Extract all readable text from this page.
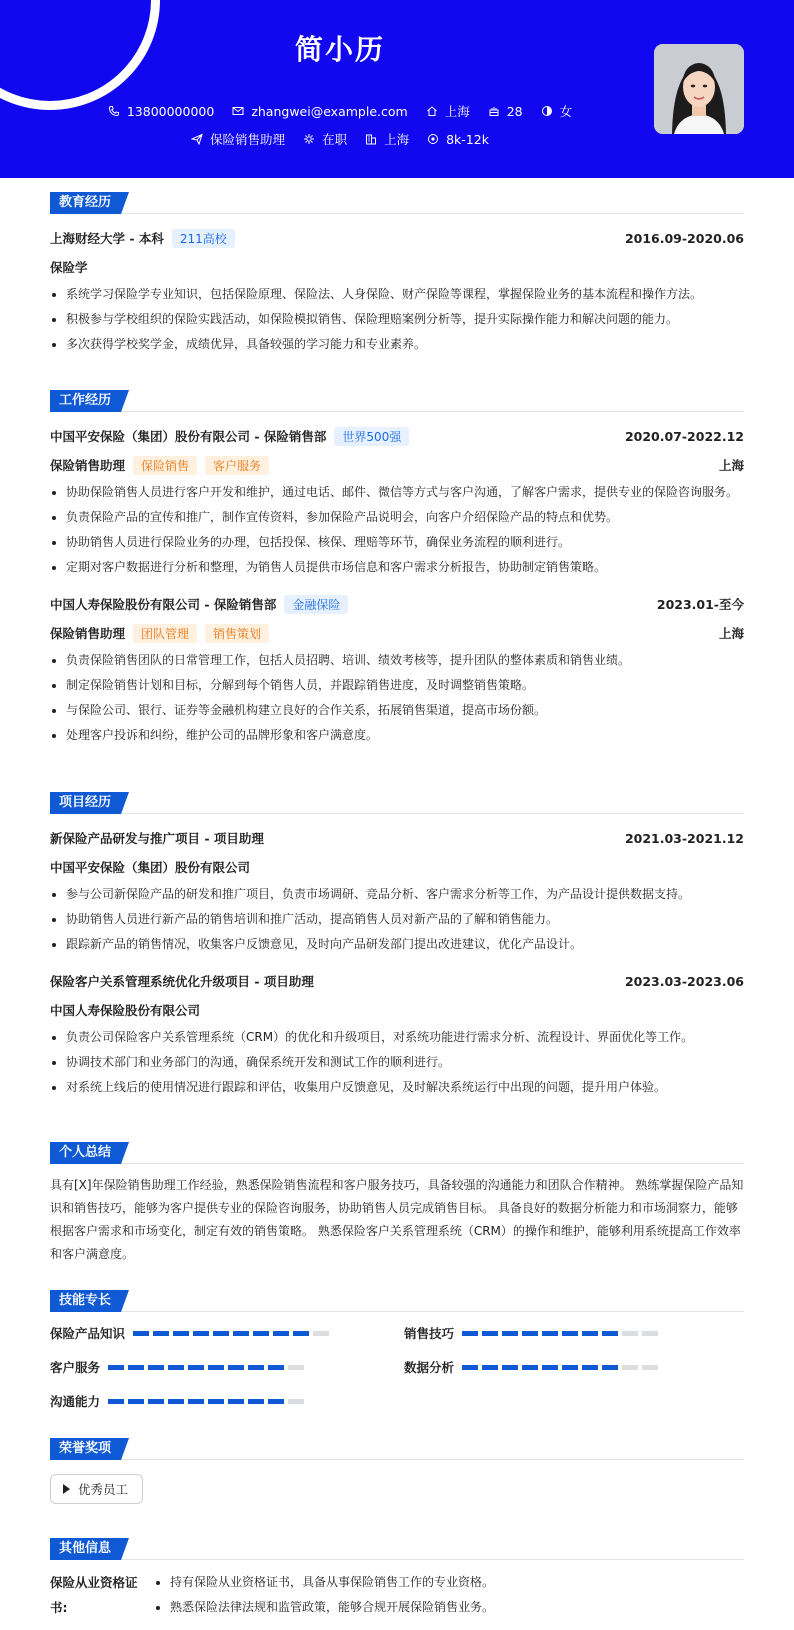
简小历
13800000000	zhangwei@example.com	上海	28	女
保险销售助理	在职	上海	8k-12k
教育经历
上海财经大学 - 本科	211高校	2016.09-2020.06
保险学
系统学习保险学专业知识，包括保险原理、保险法、人身保险、财产保险等课程，掌握保险业务的基本流程和操作方法。
积极参与学校组织的保险实践活动，如保险模拟销售、保险理赔案例分析等，提升实际操作能力和解决问题的能力。
多次获得学校奖学金，成绩优异，具备较强的学习能力和专业素养。
工作经历
中国平安保险（集团）股份有限公司 - 保险销售部	世界500强	2020.07-2022.12
保险销售助理	保险销售	客户服务	上海
协助保险销售人员进行客户开发和维护，通过电话、邮件、微信等方式与客户沟通，了解客户需求，提供专业的保险咨询服务。
负责保险产品的宣传和推广，制作宣传资料，参加保险产品说明会，向客户介绍保险产品的特点和优势。
协助销售人员进行保险业务的办理，包括投保、核保、理赔等环节，确保业务流程的顺利进行。
定期对客户数据进行分析和整理，为销售人员提供市场信息和客户需求分析报告，协助制定销售策略。
中国人寿保险股份有限公司 - 保险销售部	金融保险	2023.01-至今
保险销售助理	团队管理	销售策划	上海
负责保险销售团队的日常管理工作，包括人员招聘、培训、绩效考核等，提升团队的整体素质和销售业绩。
制定保险销售计划和目标，分解到每个销售人员，并跟踪销售进度，及时调整销售策略。
与保险公司、银行、证券等金融机构建立良好的合作关系，拓展销售渠道，提高市场份额。
处理客户投诉和纠纷，维护公司的品牌形象和客户满意度。
项目经历
新保险产品研发与推广项目 - 项目助理	2021.03-2021.12
中国平安保险（集团）股份有限公司
参与公司新保险产品的研发和推广项目，负责市场调研、竞品分析、客户需求分析等工作，为产品设计提供数据支持。
协助销售人员进行新产品的销售培训和推广活动，提高销售人员对新产品的了解和销售能力。
跟踪新产品的销售情况，收集客户反馈意见，及时向产品研发部门提出改进建议，优化产品设计。
保险客户关系管理系统优化升级项目 - 项目助理	2023.03-2023.06
中国人寿保险股份有限公司
负责公司保险客户关系管理系统（CRM）的优化和升级项目，对系统功能进行需求分析、流程设计、界面优化等工作。
协调技术部门和业务部门的沟通，确保系统开发和测试工作的顺利进行。
对系统上线后的使用情况进行跟踪和评估，收集用户反馈意见，及时解决系统运行中出现的问题，提升用户体验。
个人总结

具有[X]年保险销售助理工作经验，熟悉保险销售流程和客户服务技巧，具备较强的沟通能力和团队合作精神。 熟练掌握保险产品知识和销售技巧，能够为客户提供专业的保险咨询服务，协助销售人员完成销售目标。 具备良好的数据分析能力和市场洞察力，能够根据客户需求和市场变化，制定有效的销售策略。 熟悉保险客户关系管理系统（CRM）的操作和维护，能够利用系统提高工作效率和客户满意度。

技能专长
保险产品知识	销售技巧
客户服务	数据分析
沟通能力
荣誉奖项
优秀员工
其他信息
保险从业资格证书:
持有保险从业资格证书，具备从事保险销售工作的专业资格。
熟悉保险法律法规和监管政策，能够合规开展保险销售业务。
